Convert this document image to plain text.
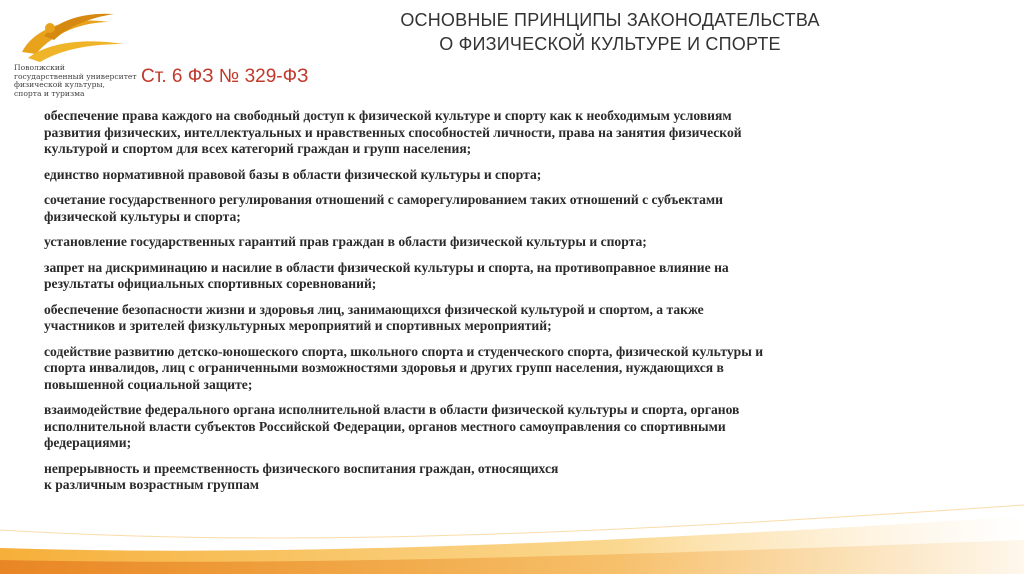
Поволжский
государственный университет
физической культуры,
спорта и туризма
ОСНОВНЫЕ ПРИНЦИПЫ ЗАКОНОДАТЕЛЬСТВА
О ФИЗИЧЕСКОЙ КУЛЬТУРЕ И СПОРТЕ
Ст. 6 ФЗ № 329-ФЗ
обеспечение права каждого на свободный доступ к физической культуре и спорту как к необходимым условиям
развития физических, интеллектуальных и нравственных способностей личности, права на занятия физической
культурой и спортом для всех категорий граждан и групп населения;
единство нормативной правовой базы в области физической культуры и спорта;
сочетание государственного регулирования отношений с саморегулированием таких отношений с субъектами
физической культуры и спорта;
установление государственных гарантий прав граждан в области физической культуры и спорта;
запрет на дискриминацию и насилие в области физической культуры и спорта, на противоправное влияние на
результаты официальных спортивных соревнований;
обеспечение безопасности жизни и здоровья лиц, занимающихся физической культурой и спортом, а также
участников и зрителей физкультурных мероприятий и спортивных мероприятий;
содействие развитию детско-юношеского спорта, школьного спорта и студенческого спорта, физической культуры и
спорта инвалидов, лиц с ограниченными возможностями здоровья и других групп населения, нуждающихся в
повышенной социальной защите;
взаимодействие федерального органа исполнительной власти в области физической культуры и спорта, органов
исполнительной власти субъектов Российской Федерации, органов местного самоуправления со спортивными
федерациями;
непрерывность и преемственность физического воспитания граждан, относящихся
к различным возрастным группам
